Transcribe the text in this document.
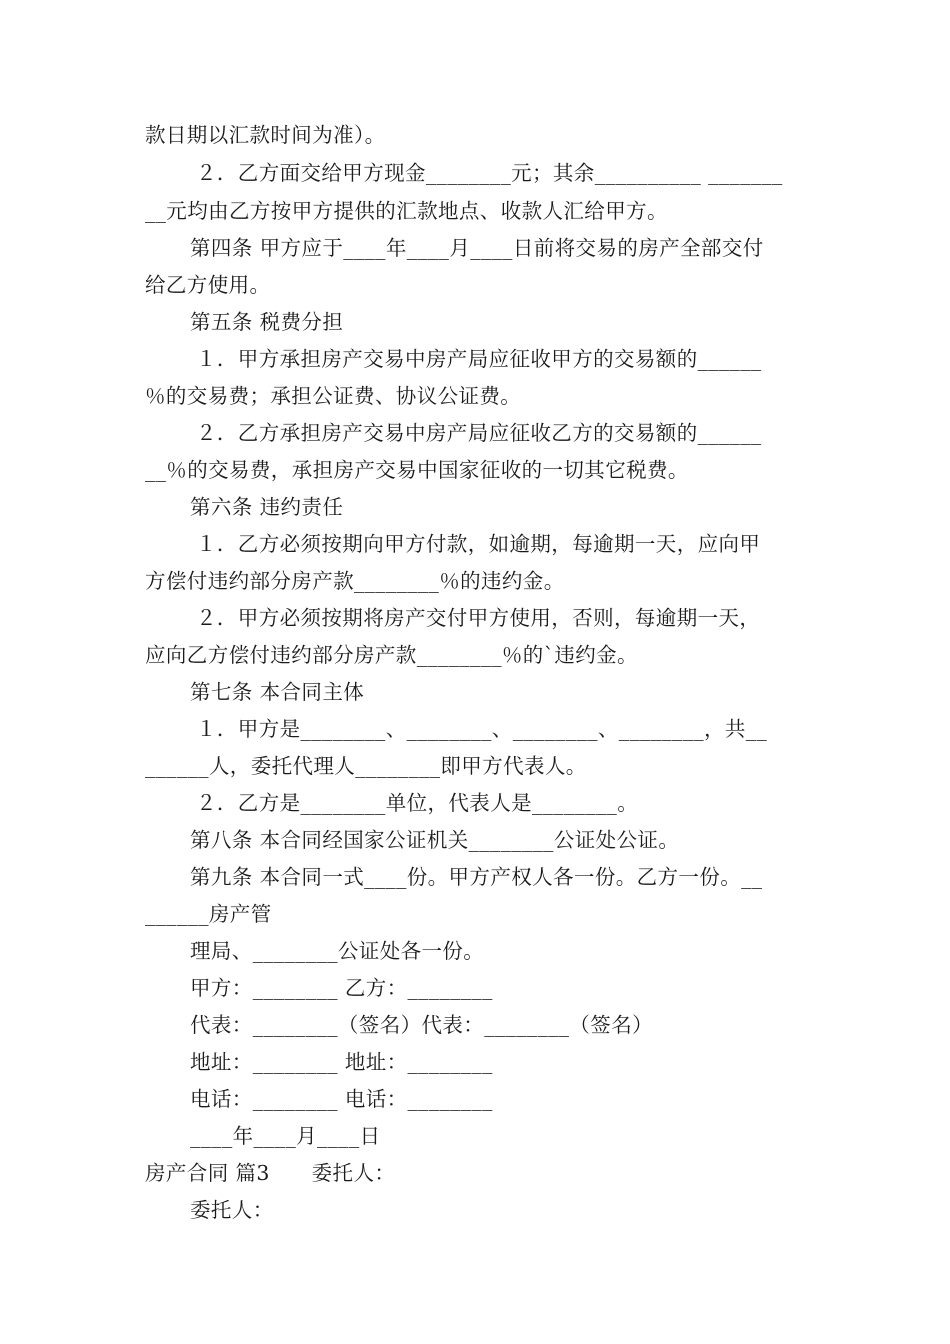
款日期以汇款时间为准）。
２．乙方面交给甲方现金________元；其余__________ _______
__元均由乙方按甲方提供的汇款地点、收款人汇给甲方。
第四条 甲方应于____年____月____日前将交易的房产全部交付
给乙方使用。
第五条 税费分担
１．甲方承担房产交易中房产局应征收甲方的交易额的______
％的交易费；承担公证费、协议公证费。
２．乙方承担房产交易中房产局应征收乙方的交易额的______
__％的交易费，承担房产交易中国家征收的一切其它税费。
第六条 违约责任
１．乙方必须按期向甲方付款，如逾期，每逾期一天，应向甲
方偿付违约部分房产款________％的违约金。
２．甲方必须按期将房产交付甲方使用，否则，每逾期一天，
应向乙方偿付违约部分房产款________％的`违约金。
第七条 本合同主体
１．甲方是________、________、________、________，共__
______人，委托代理人________即甲方代表人。
２．乙方是________单位，代表人是________。
第八条 本合同经国家公证机关________公证处公证。
第九条 本合同一式____份。甲方产权人各一份。乙方一份。__
______房产管
理局、________公证处各一份。
甲方：________ 乙方：________
代表：________（签名）代表：________（签名）
地址：________ 地址：________
电话：________ 电话：________
____年____月____日
房产合同 篇3　　委托人：
委托人：
